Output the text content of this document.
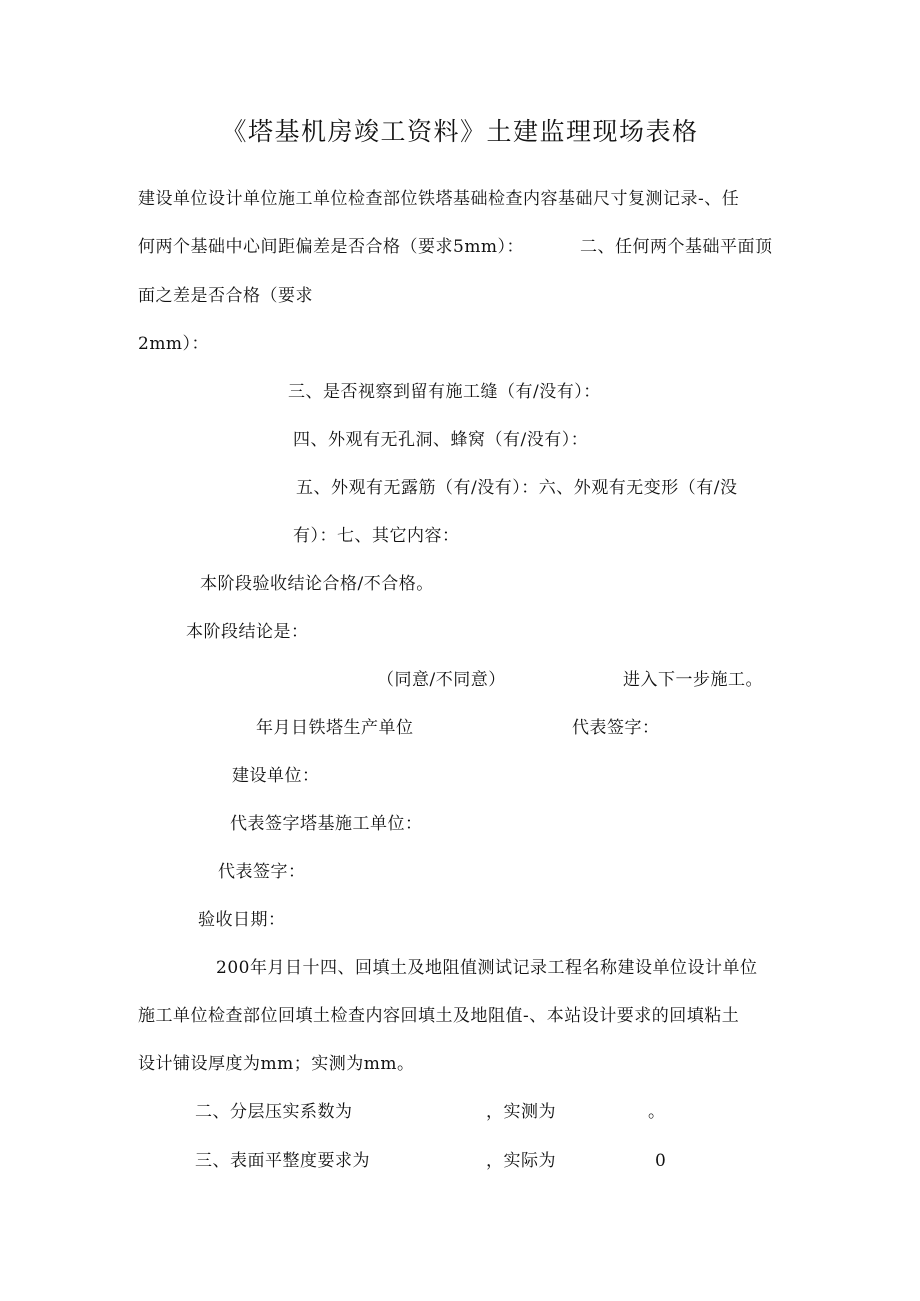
《塔基机房竣工资料》土建监理现场表格
建设单位设计单位施工单位检查部位铁塔基础检查内容基础尺寸复测记录-、任
何两个基础中心间距偏差是否合格（要求5mm）：	二、任何两个基础平面顶
面之差是否合格（要求
2mm）：
三、是否视察到留有施工缝（有/没有）：
四、外观有无孔洞、蜂窝（有/没有）：
五、外观有无露筋（有/没有）：六、外观有无变形（有/没
有）：七、其它内容：
本阶段验收结论合格/不合格。
本阶段结论是：
（同意/不同意）	进入下一步施工。
年月日铁塔生产单位	代表签字：
建设单位：
代表签字塔基施工单位：
代表签字：
验收日期：
200年月日十四、回填土及地阻值测试记录工程名称建设单位设计单位
施工单位检查部位回填土检查内容回填土及地阻值-、本站设计要求的回填粘土
设计铺设厚度为mm；实测为mm。
二、分层压实系数为	，实测为	。
三、表面平整度要求为	，实际为	0
